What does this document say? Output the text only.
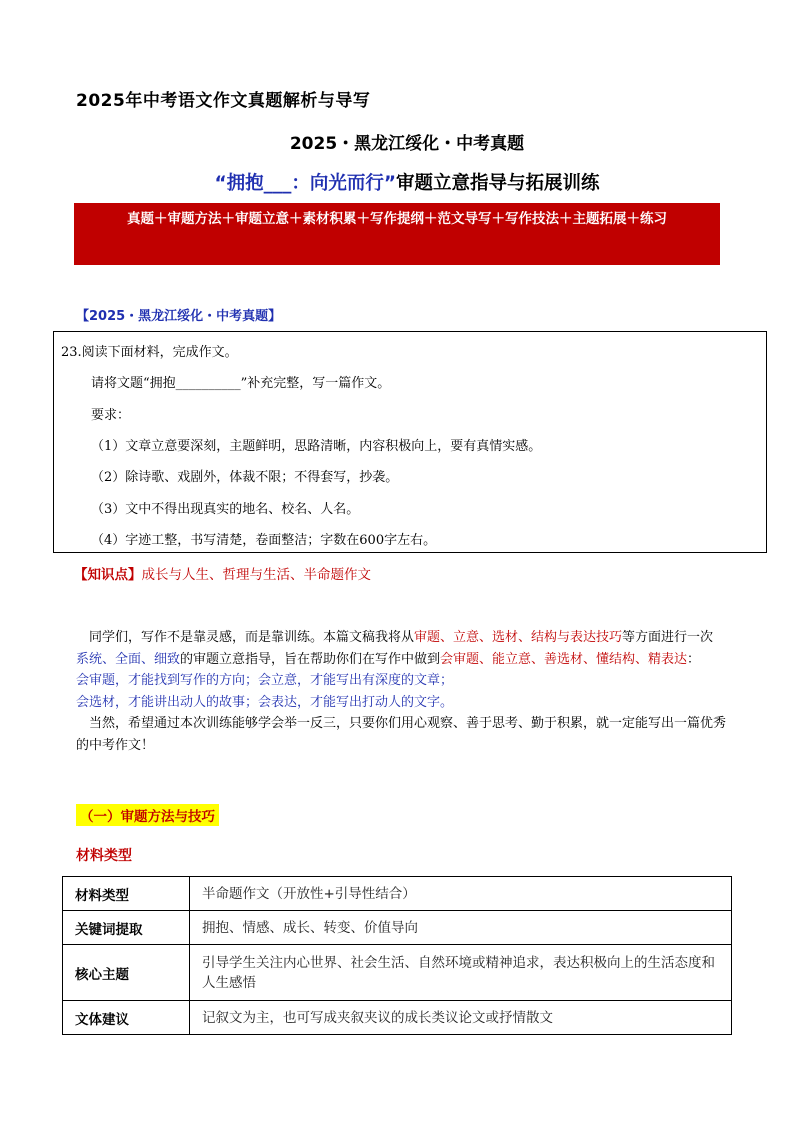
2025年中考语文作文真题解析与导写
2025・黑龙江绥化・中考真题
“拥抱___：向光而行”审题立意指导与拓展训练
真题＋审题方法＋审题立意＋素材积累＋写作提纲＋范文导写＋写作技法＋主题拓展＋练习
【2025・黑龙江绥化・中考真题】
23.阅读下面材料，完成作文。
请将文题“拥抱__________”补充完整，写一篇作文。
要求：
（1）文章立意要深刻，主题鲜明，思路清晰，内容积极向上，要有真情实感。
（2）除诗歌、戏剧外，体裁不限；不得套写，抄袭。
（3）文中不得出现真实的地名、校名、人名。
（4）字迹工整，书写清楚，卷面整洁；字数在600字左右。
【知识点】成长与人生、哲理与生活、半命题作文

同学们，写作不是靠灵感，而是靠训练。本篇文稿我将从审题、立意、选材、结构与表达技巧等方面进行一次系统、全面、细致的审题立意指导，旨在帮助你们在写作中做到会审题、能立意、善选材、懂结构、精表达：

会审题，才能找到写作的方向；会立意，才能写出有深度的文章；

会选材，才能讲出动人的故事；会表达，才能写出打动人的文字。

当然，希望通过本次训练能够学会举一反三，只要你们用心观察、善于思考、勤于积累，就一定能写出一篇优秀的中考作文！

（一）审题方法与技巧
材料类型
材料类型	半命题作文（开放性+引导性结合）
关键词提取	拥抱、情感、成长、转变、价值导向
核心主题	引导学生关注内心世界、社会生活、自然环境或精神追求，表达积极向上的生活态度和人生感悟
文体建议	记叙文为主，也可写成夹叙夹议的成长类议论文或抒情散文
